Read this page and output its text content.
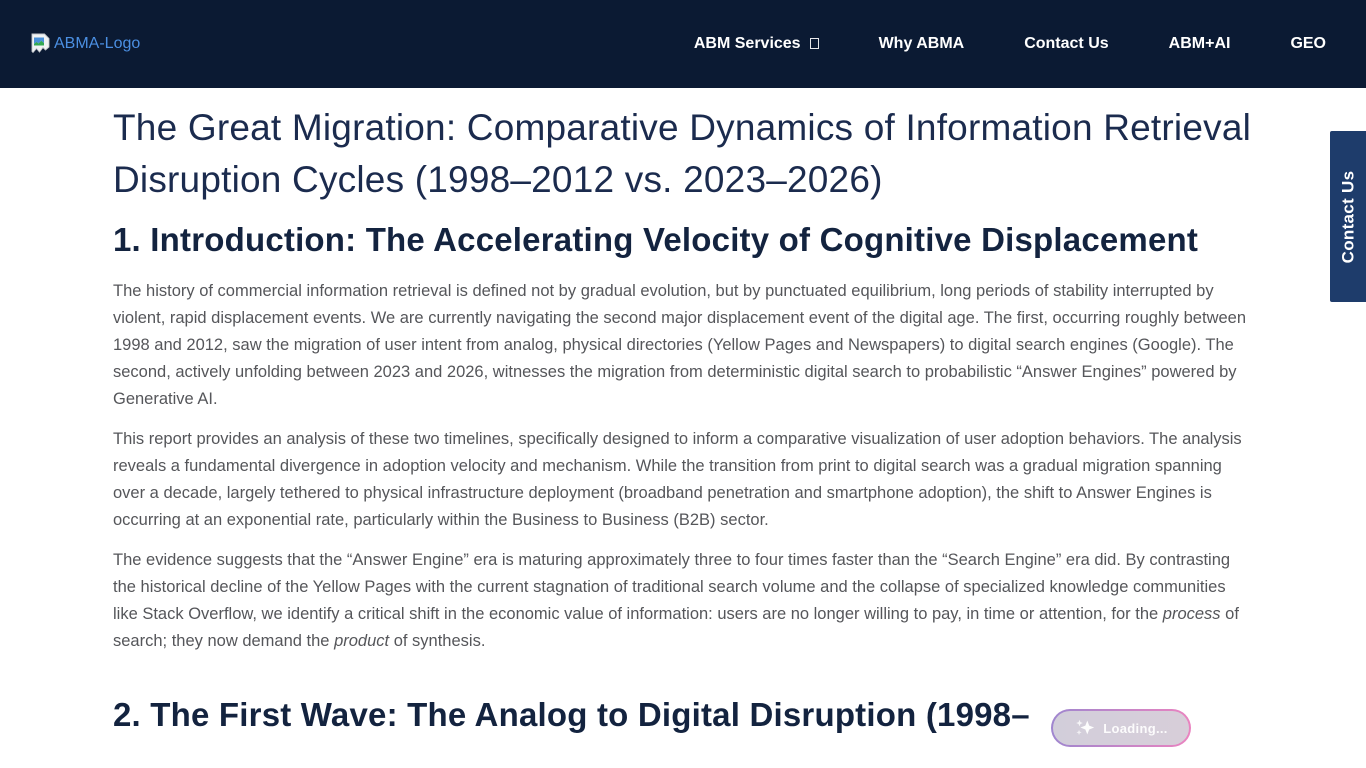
ABMA-Logo	ABM Services	Why ABMA	Contact Us	ABM+AI	GEO
The Great Migration: Comparative Dynamics of Information Retrieval Disruption Cycles (1998–2012 vs. 2023–2026)
1. Introduction: The Accelerating Velocity of Cognitive Displacement

The history of commercial information retrieval is defined not by gradual evolution, but by punctuated equilibrium, long periods of stability interrupted by violent, rapid displacement events. We are currently navigating the second major displacement event of the digital age. The first, occurring roughly between 1998 and 2012, saw the migration of user intent from analog, physical directories (Yellow Pages and Newspapers) to digital search engines (Google). The second, actively unfolding between 2023 and 2026, witnesses the migration from deterministic digital search to probabilistic “Answer Engines” powered by Generative AI.

This report provides an analysis of these two timelines, specifically designed to inform a comparative visualization of user adoption behaviors. The analysis reveals a fundamental divergence in adoption velocity and mechanism. While the transition from print to digital search was a gradual migration spanning over a decade, largely tethered to physical infrastructure deployment (broadband penetration and smartphone adoption), the shift to Answer Engines is occurring at an exponential rate, particularly within the Business to Business (B2B) sector.

The evidence suggests that the “Answer Engine” era is maturing approximately three to four times faster than the “Search Engine” era did. By contrasting the historical decline of the Yellow Pages with the current stagnation of traditional search volume and the collapse of specialized knowledge communities like Stack Overflow, we identify a critical shift in the economic value of information: users are no longer willing to pay, in time or attention, for the process of search; they now demand the product of synthesis.

2. The First Wave: The Analog to Digital Disruption (1998–
Contact Us
Loading...
